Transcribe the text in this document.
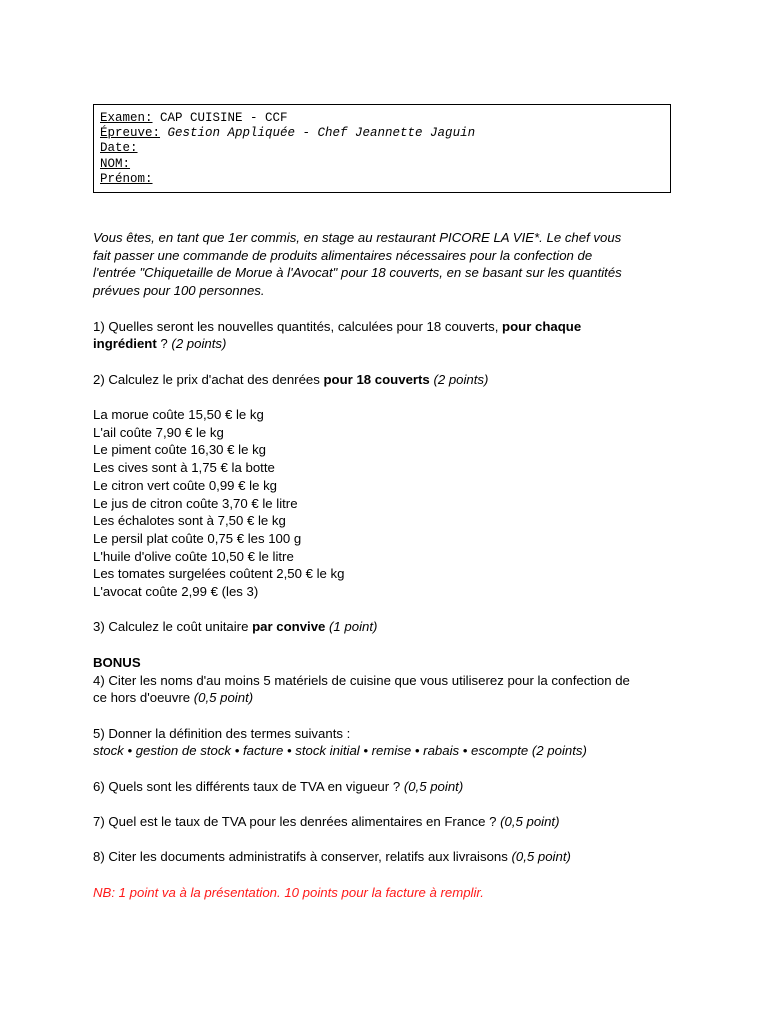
Examen: CAP CUISINE - CCF
Épreuve: Gestion Appliquée - Chef Jeannette Jaguin
Date:
NOM:
Prénom:

Vous êtes, en tant que 1er commis, en stage au restaurant PICORE LA VIE*. Le chef vous

fait passer une commande de produits alimentaires nécessaires pour la confection de

l'entrée "Chiquetaille de Morue à l'Avocat" pour 18 couverts, en se basant sur les quantités

prévues pour 100 personnes.

1) Quelles seront les nouvelles quantités, calculées pour 18 couverts, pour chaque

ingrédient ? (2 points)

2) Calculez le prix d'achat des denrées pour 18 couverts (2 points)

La morue coûte 15,50 € le kg

L'ail coûte 7,90 € le kg

Le piment coûte 16,30 € le kg

Les cives sont à 1,75 € la botte

Le citron vert coûte 0,99 € le kg

Le jus de citron coûte 3,70 € le litre

Les échalotes sont à 7,50 € le kg

Le persil plat coûte 0,75 € les 100 g

L'huile d'olive coûte 10,50 € le litre

Les tomates surgelées coûtent 2,50 € le kg

L'avocat coûte 2,99 € (les 3)

3) Calculez le coût unitaire par convive (1 point)

BONUS

4) Citer les noms d'au moins 5 matériels de cuisine que vous utiliserez pour la confection de

ce hors d'oeuvre (0,5 point)

5) Donner la définition des termes suivants :

stock • gestion de stock • facture • stock initial • remise • rabais • escompte (2 points)

6) Quels sont les différents taux de TVA en vigueur ? (0,5 point)

7) Quel est le taux de TVA pour les denrées alimentaires en France ? (0,5 point)

8) Citer les documents administratifs à conserver, relatifs aux livraisons (0,5 point)

NB: 1 point va à la présentation. 10 points pour la facture à remplir.
